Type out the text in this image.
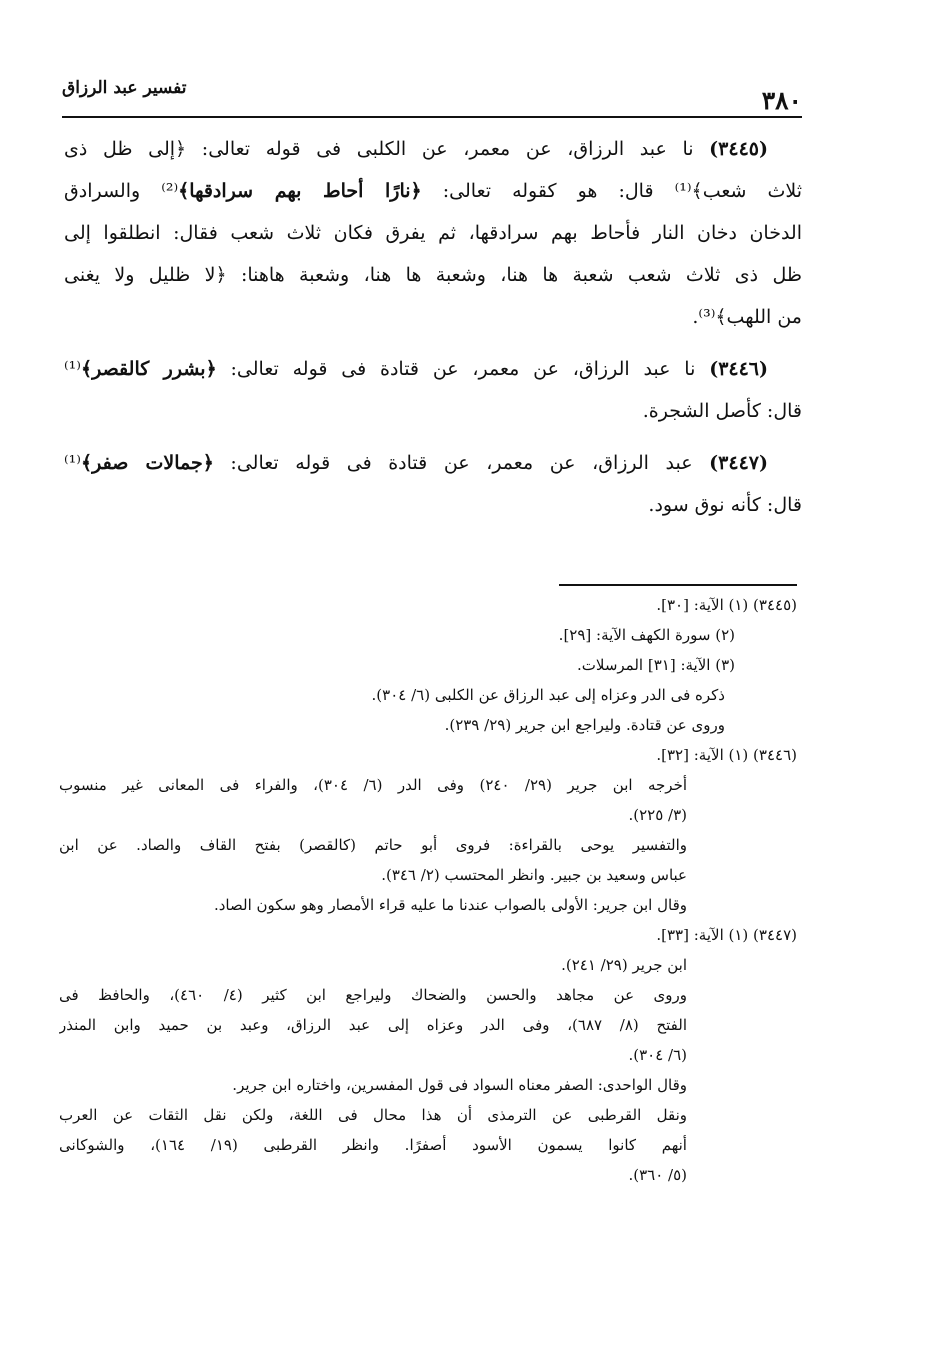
٣٨٠
تفسير عبد الرزاق
(٣٤٤٥) نا عبد الرزاق، عن معمر، عن الكلبى فى قوله تعالى: ﴿إلى ظل ذى
ثلاث شعب﴾⁽¹⁾ قال: هو كقوله تعالى: ﴿نارًا أحاط بهم سرادقها﴾⁽²⁾ والسرادق
الدخان دخان النار فأحاط بهم سرادقها، ثم يفرق فكان ثلاث شعب فقال: انطلقوا إلى
ظل ذى ثلاث شعب شعبة ها هنا، وشعبة ها هنا، وشعبة هاهنا: ﴿لا ظليل ولا يغنى
من اللهب﴾⁽³⁾.
(٣٤٤٦) نا عبد الرزاق، عن معمر، عن قتادة فى قوله تعالى: ﴿بشرر كالقصر﴾⁽¹⁾
قال: كأصل الشجرة.
(٣٤٤٧) عبد الرزاق، عن معمر، عن قتادة فى قوله تعالى: ﴿جمالات صفر﴾⁽¹⁾
قال: كأنه نوق سود.
(٣٤٤٥) (١) الآية: [٣٠].
(٢) سورة الكهف الآية: [٢٩].
(٣) الآية: [٣١] المرسلات.
ذكره فى الدر وعزاه إلى عبد الرزاق عن الكلبى (٦/ ٣٠٤).
وروى عن قتادة. وليراجع ابن جرير (٢٩/ ٢٣٩).
(٣٤٤٦) (١) الآية: [٣٢].
أخرجه ابن جرير (٢٩/ ٢٤٠) وفى الدر (٦/ ٣٠٤)، والفراء فى المعانى غير منسوب
(٣/ ٢٢٥).
والتفسير يوحى بالقراءة: فروى أبو حاتم (كالقصر) بفتح القاف والصاد. عن ابن
عباس وسعيد بن جبير. وانظر المحتسب (٢/ ٣٤٦).
وقال ابن جرير: الأولى بالصواب عندنا ما عليه قراء الأمصار وهو سكون الصاد.
(٣٤٤٧) (١) الآية: [٣٣].
ابن جرير (٢٩/ ٢٤١).
وروى عن مجاهد والحسن والضحاك وليراجع ابن كثير (٤/ ٤٦٠)، والحافظ فى
الفتح (٨/ ٦٨٧)، وفى الدر وعزاه إلى عبد الرزاق، وعبد بن حميد وابن المنذر
(٦/ ٣٠٤).
وقال الواحدى: الصفر معناه السواد فى قول المفسرين، واختاره ابن جرير.
ونقل القرطبى عن الترمذى أن هذا محال فى اللغة، ولكن نقل الثقات عن العرب
أنهم كانوا يسمون الأسود أصفرًا. وانظر القرطبى (١٩/ ١٦٤)، والشوكانى
(٥/ ٣٦٠).
